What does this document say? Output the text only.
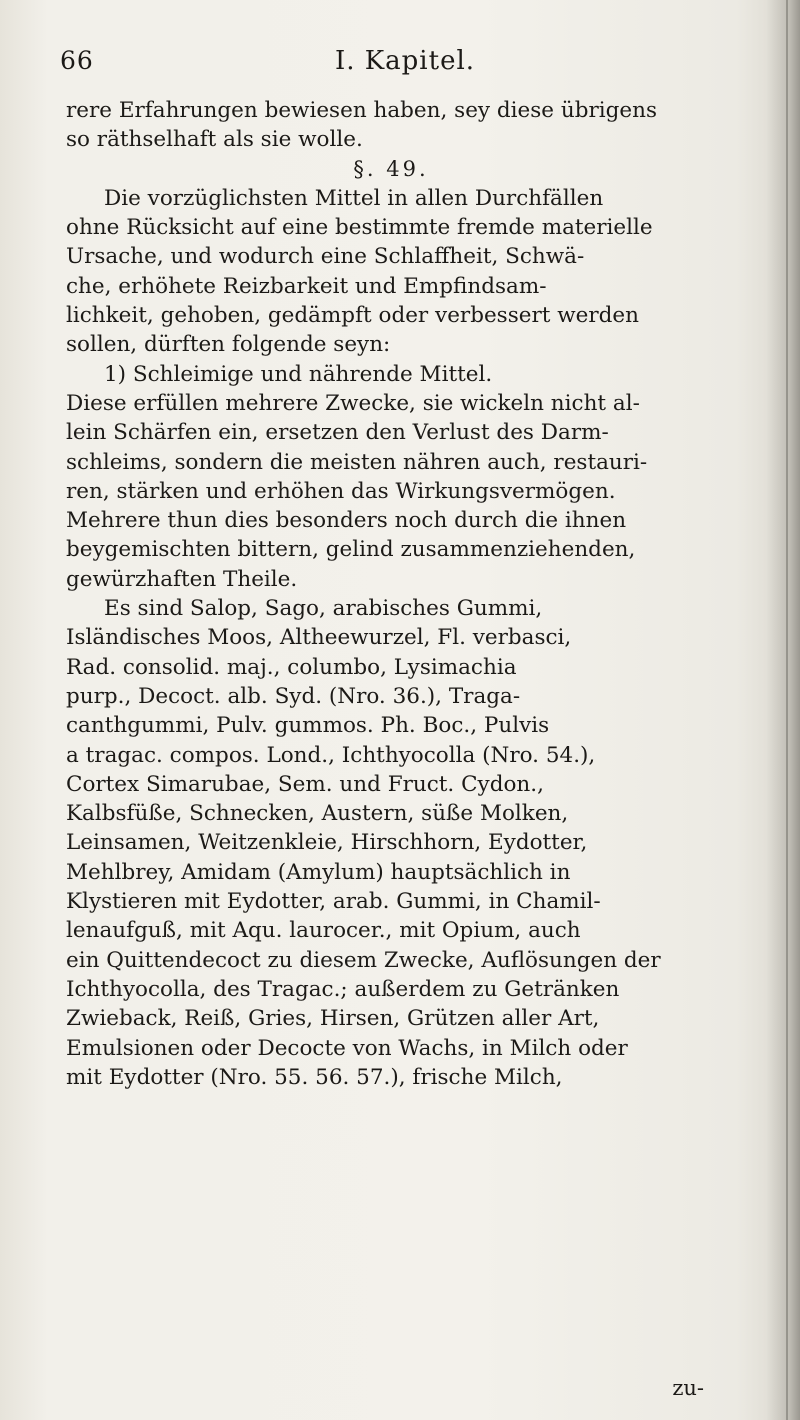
66	I. Kapitel.
rere Erfahrungen bewiesen haben, sey diese übrigens
so räthselhaft als sie wolle.
§. 49.
Die vorzüglichsten Mittel in allen Durchfällen
ohne Rücksicht auf eine bestimmte fremde materielle
Ursache, und wodurch eine Schlaffheit, Schwä-
che, erhöhete Reizbarkeit und Empfindsam-
lichkeit, gehoben, gedämpft oder verbessert werden
sollen, dürften folgende seyn:
1) Schleimige und nährende Mittel.
Diese erfüllen mehrere Zwecke, sie wickeln nicht al-
lein Schärfen ein, ersetzen den Verlust des Darm-
schleims, sondern die meisten nähren auch, restauri-
ren, stärken und erhöhen das Wirkungsvermögen.
Mehrere thun dies besonders noch durch die ihnen
beygemischten bittern, gelind zusammenziehenden,
gewürzhaften Theile.
Es sind Salop, Sago, arabisches Gummi,
Isländisches Moos, Altheewurzel, Fl. verbasci,
Rad. consolid. maj., columbo, Lysimachia
purp., Decoct. alb. Syd. (Nro. 36.), Traga-
canthgummi, Pulv. gummos. Ph. Boc., Pulvis
a tragac. compos. Lond., Ichthyocolla (Nro. 54.),
Cortex Simarubae, Sem. und Fruct. Cydon.,
Kalbsfüße, Schnecken, Austern, süße Molken,
Leinsamen, Weitzenkleie, Hirschhorn, Eydotter,
Mehlbrey, Amidam (Amylum) hauptsächlich in
Klystieren mit Eydotter, arab. Gummi, in Chamil-
lenaufguß, mit Aqu. laurocer., mit Opium, auch
ein Quittendecoct zu diesem Zwecke, Auflösungen der
Ichthyocolla, des Tragac.; außerdem zu Getränken
Zwieback, Reiß, Gries, Hirsen, Grützen aller Art,
Emulsionen oder Decocte von Wachs, in Milch oder
mit Eydotter (Nro. 55. 56. 57.), frische Milch,
zu-
